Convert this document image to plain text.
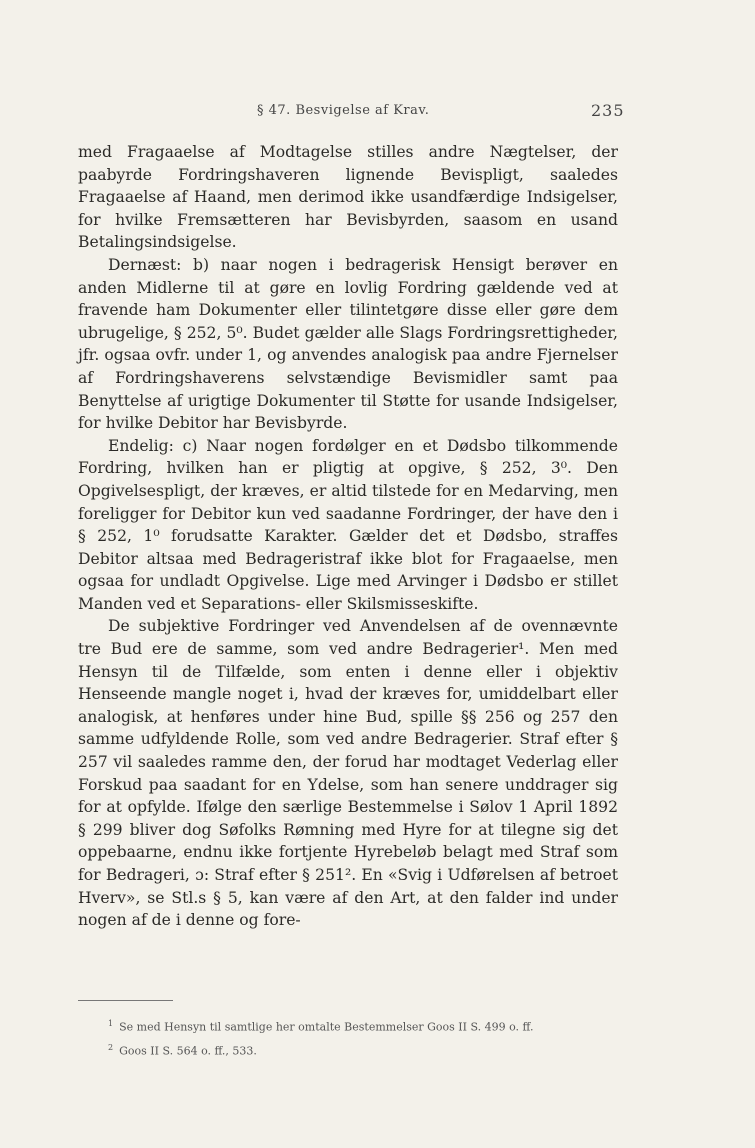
§ 47. Besvigelse af Krav.	235

med Fragaaelse af Modtagelse stilles andre Nægtelser, der paabyrde Fordringshaveren lignende Bevispligt, saaledes Fragaaelse af Haand, men derimod ikke usandfærdige Indsigelser, for hvilke Fremsætteren har Bevisbyrden, saasom en usand Betalingsindsigelse.

Dernæst: b) naar nogen i bedragerisk Hensigt berøver en anden Midlerne til at gøre en lovlig Fordring gældende ved at fravende ham Dokumenter eller tilintetgøre disse eller gøre dem ubrugelige, § 252, 5⁰. Budet gælder alle Slags Fordringsrettigheder, jfr. ogsaa ovfr. under 1, og anvendes analogisk paa andre Fjernelser af Fordringshaverens selvstændige Bevismidler samt paa Benyttelse af urigtige Dokumenter til Støtte for usande Indsigelser, for hvilke Debitor har Bevisbyrde.

Endelig: c) Naar nogen fordølger en et Dødsbo tilkommende Fordring, hvilken han er pligtig at opgive, § 252, 3⁰. Den Opgivelsespligt, der kræves, er altid tilstede for en Medarving, men foreligger for Debitor kun ved saadanne Fordringer, der have den i § 252, 1⁰ forudsatte Karakter. Gælder det et Dødsbo, straffes Debitor altsaa med Bedrageristraf ikke blot for Fragaaelse, men ogsaa for undladt Opgivelse. Lige med Arvinger i Dødsbo er stillet Manden ved et Separations- eller Skilsmisseskifte.

De subjektive Fordringer ved Anvendelsen af de ovennævnte tre Bud ere de samme, som ved andre Bedragerier¹. Men med Hensyn til de Tilfælde, som enten i denne eller i objektiv Henseende mangle noget i, hvad der kræves for, umiddelbart eller analogisk, at henføres under hine Bud, spille §§ 256 og 257 den samme udfyldende Rolle, som ved andre Bedragerier. Straf efter § 257 vil saaledes ramme den, der forud har modtaget Vederlag eller Forskud paa saadant for en Ydelse, som han senere unddrager sig for at opfylde. Ifølge den særlige Bestemmelse i Sølov 1 April 1892 § 299 bliver dog Søfolks Rømning med Hyre for at tilegne sig det oppebaarne, endnu ikke fortjente Hyrebeløb belagt med Straf som for Bedrageri, ɔ: Straf efter § 251². En «Svig i Udførelsen af betroet Hverv», se Stl.s § 5, kan være af den Art, at den falder ind under nogen af de i denne og fore-

$^1$ Se med Hensyn til samtlige her omtalte Bestemmelser Goos II S. 499 o. ff.
$^2$ Goos II S. 564 o. ff., 533.
